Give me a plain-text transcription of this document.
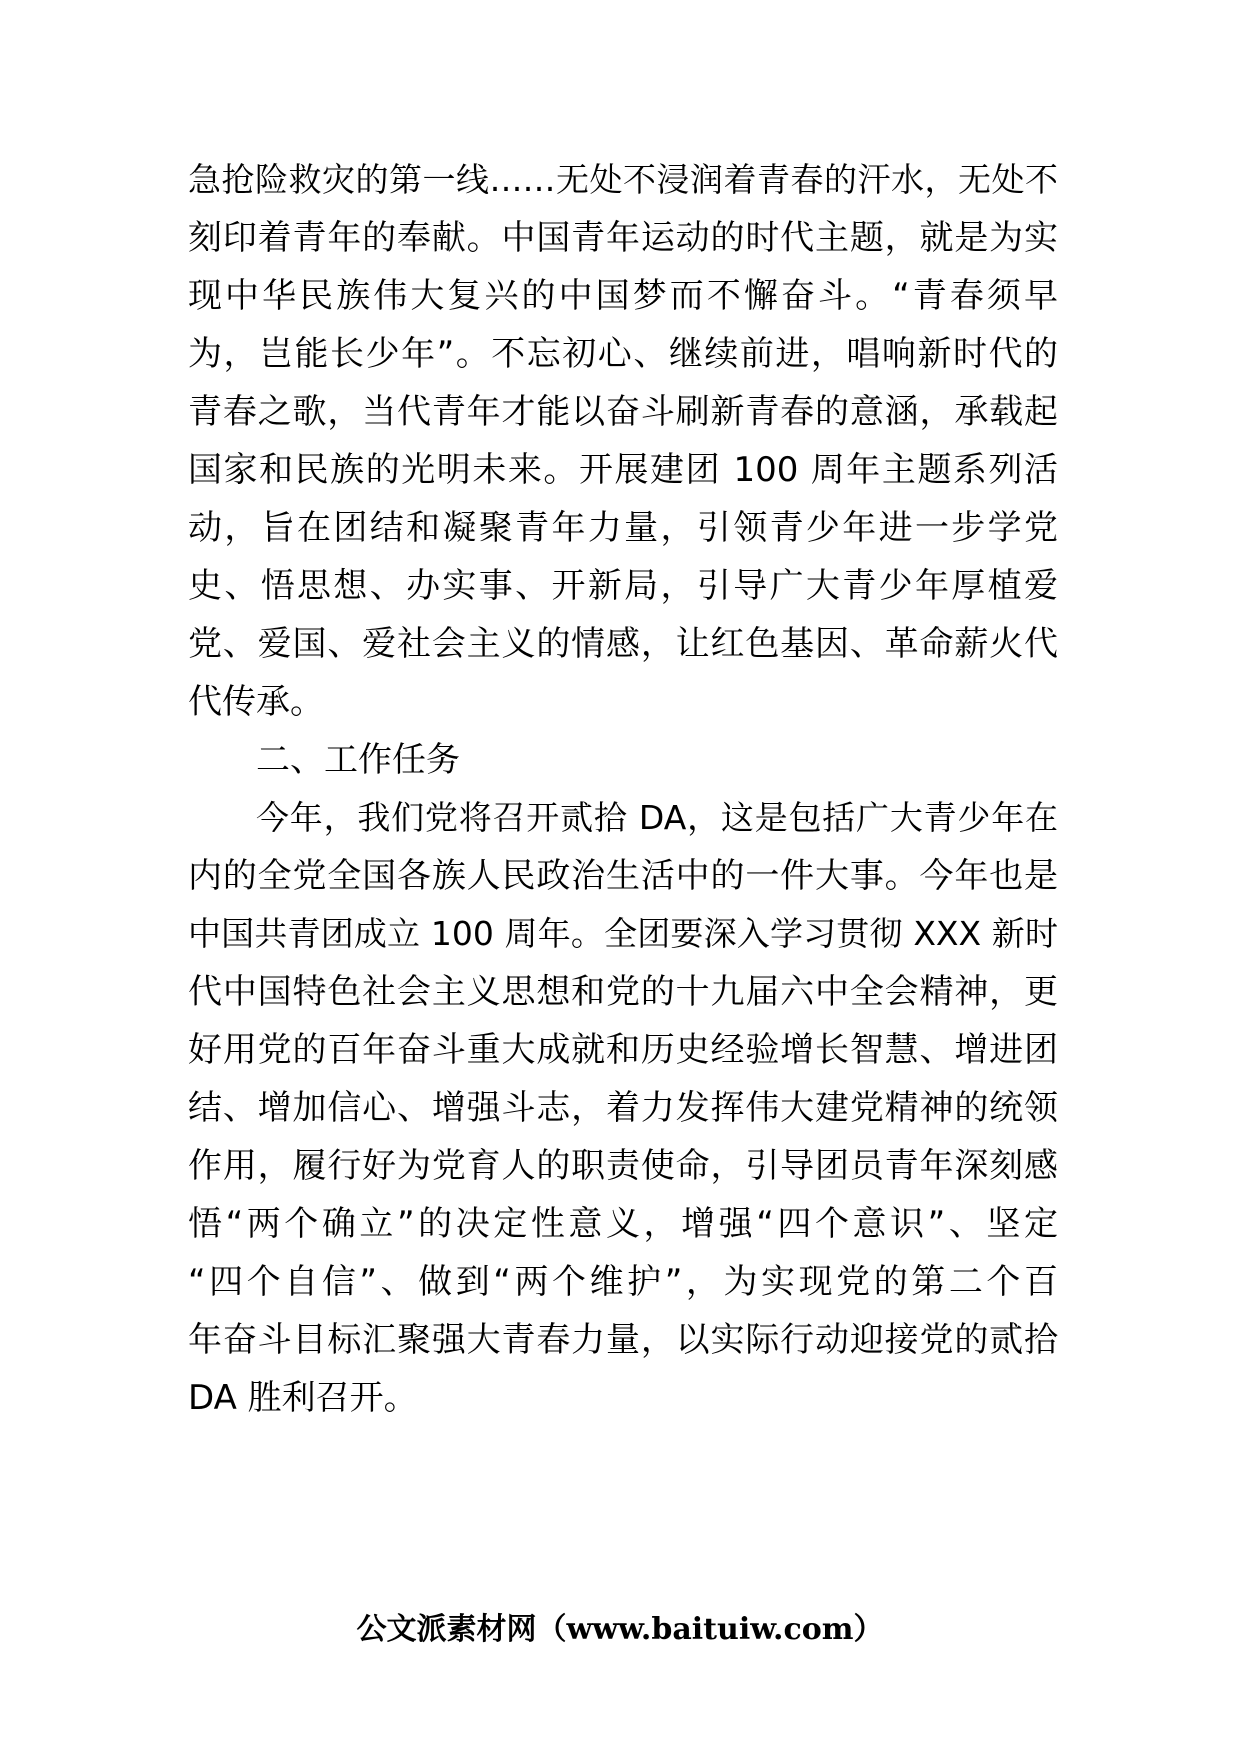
急抢险救灾的第一线……无处不浸润着青春的汗水，无处不
刻印着青年的奉献。中国青年运动的时代主题，就是为实
现中华民族伟大复兴的中国梦而不懈奋斗。“青春须早
为，岂能长少年”。不忘初心、继续前进，唱响新时代的
青春之歌，当代青年才能以奋斗刷新青春的意涵，承载起
国家和民族的光明未来。开展建团 100 周年主题系列活
动，旨在团结和凝聚青年力量，引领青少年进一步学党
史、悟思想、办实事、开新局，引导广大青少年厚植爱
党、爱国、爱社会主义的情感，让红色基因、革命薪火代
代传承。
二、工作任务
今年，我们党将召开贰拾 DA，这是包括广大青少年在
内的全党全国各族人民政治生活中的一件大事。今年也是
中国共青团成立 100 周年。全团要深入学习贯彻 XXX 新时
代中国特色社会主义思想和党的十九届六中全会精神，更
好用党的百年奋斗重大成就和历史经验增长智慧、增进团
结、增加信心、增强斗志，着力发挥伟大建党精神的统领
作用，履行好为党育人的职责使命，引导团员青年深刻感
悟“两个确立”的决定性意义，增强“四个意识”、坚定
“四个自信”、做到“两个维护”，为实现党的第二个百
年奋斗目标汇聚强大青春力量，以实际行动迎接党的贰拾
DA 胜利召开。
公文派素材网（www.baituiw.com）
